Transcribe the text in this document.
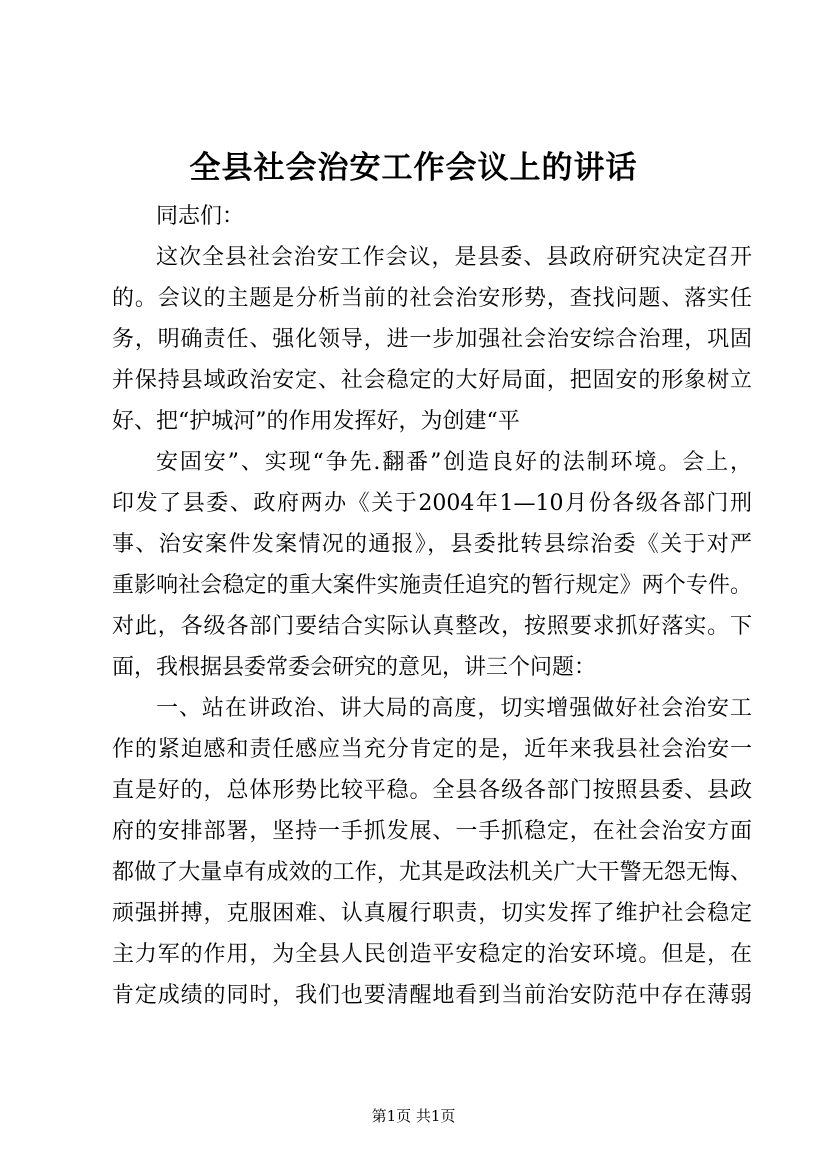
全县社会治安工作会议上的讲话
同志们：
这次全县社会治安工作会议，是县委、县政府研究决定召开
的。会议的主题是分析当前的社会治安形势，查找问题、落实任
务，明确责任、强化领导，进一步加强社会治安综合治理，巩固
并保持县域政治安定、社会稳定的大好局面，把固安的形象树立
好、把“护城河”的作用发挥好，为创建“平
安固安”、实现“争先.翻番”创造良好的法制环境。会上，
印发了县委、政府两办《关于2004年1—10月份各级各部门刑
事、治安案件发案情况的通报》，县委批转县综治委《关于对严
重影响社会稳定的重大案件实施责任追究的暂行规定》两个专件。
对此，各级各部门要结合实际认真整改，按照要求抓好落实。下
面，我根据县委常委会研究的意见，讲三个问题：
一、站在讲政治、讲大局的高度，切实增强做好社会治安工
作的紧迫感和责任感应当充分肯定的是，近年来我县社会治安一
直是好的，总体形势比较平稳。全县各级各部门按照县委、县政
府的安排部署，坚持一手抓发展、一手抓稳定，在社会治安方面
都做了大量卓有成效的工作，尤其是政法机关广大干警无怨无悔、
顽强拼搏，克服困难、认真履行职责，切实发挥了维护社会稳定
主力军的作用，为全县人民创造平安稳定的治安环境。但是，在
肯定成绩的同时，我们也要清醒地看到当前治安防范中存在薄弱
第1页 共1页
